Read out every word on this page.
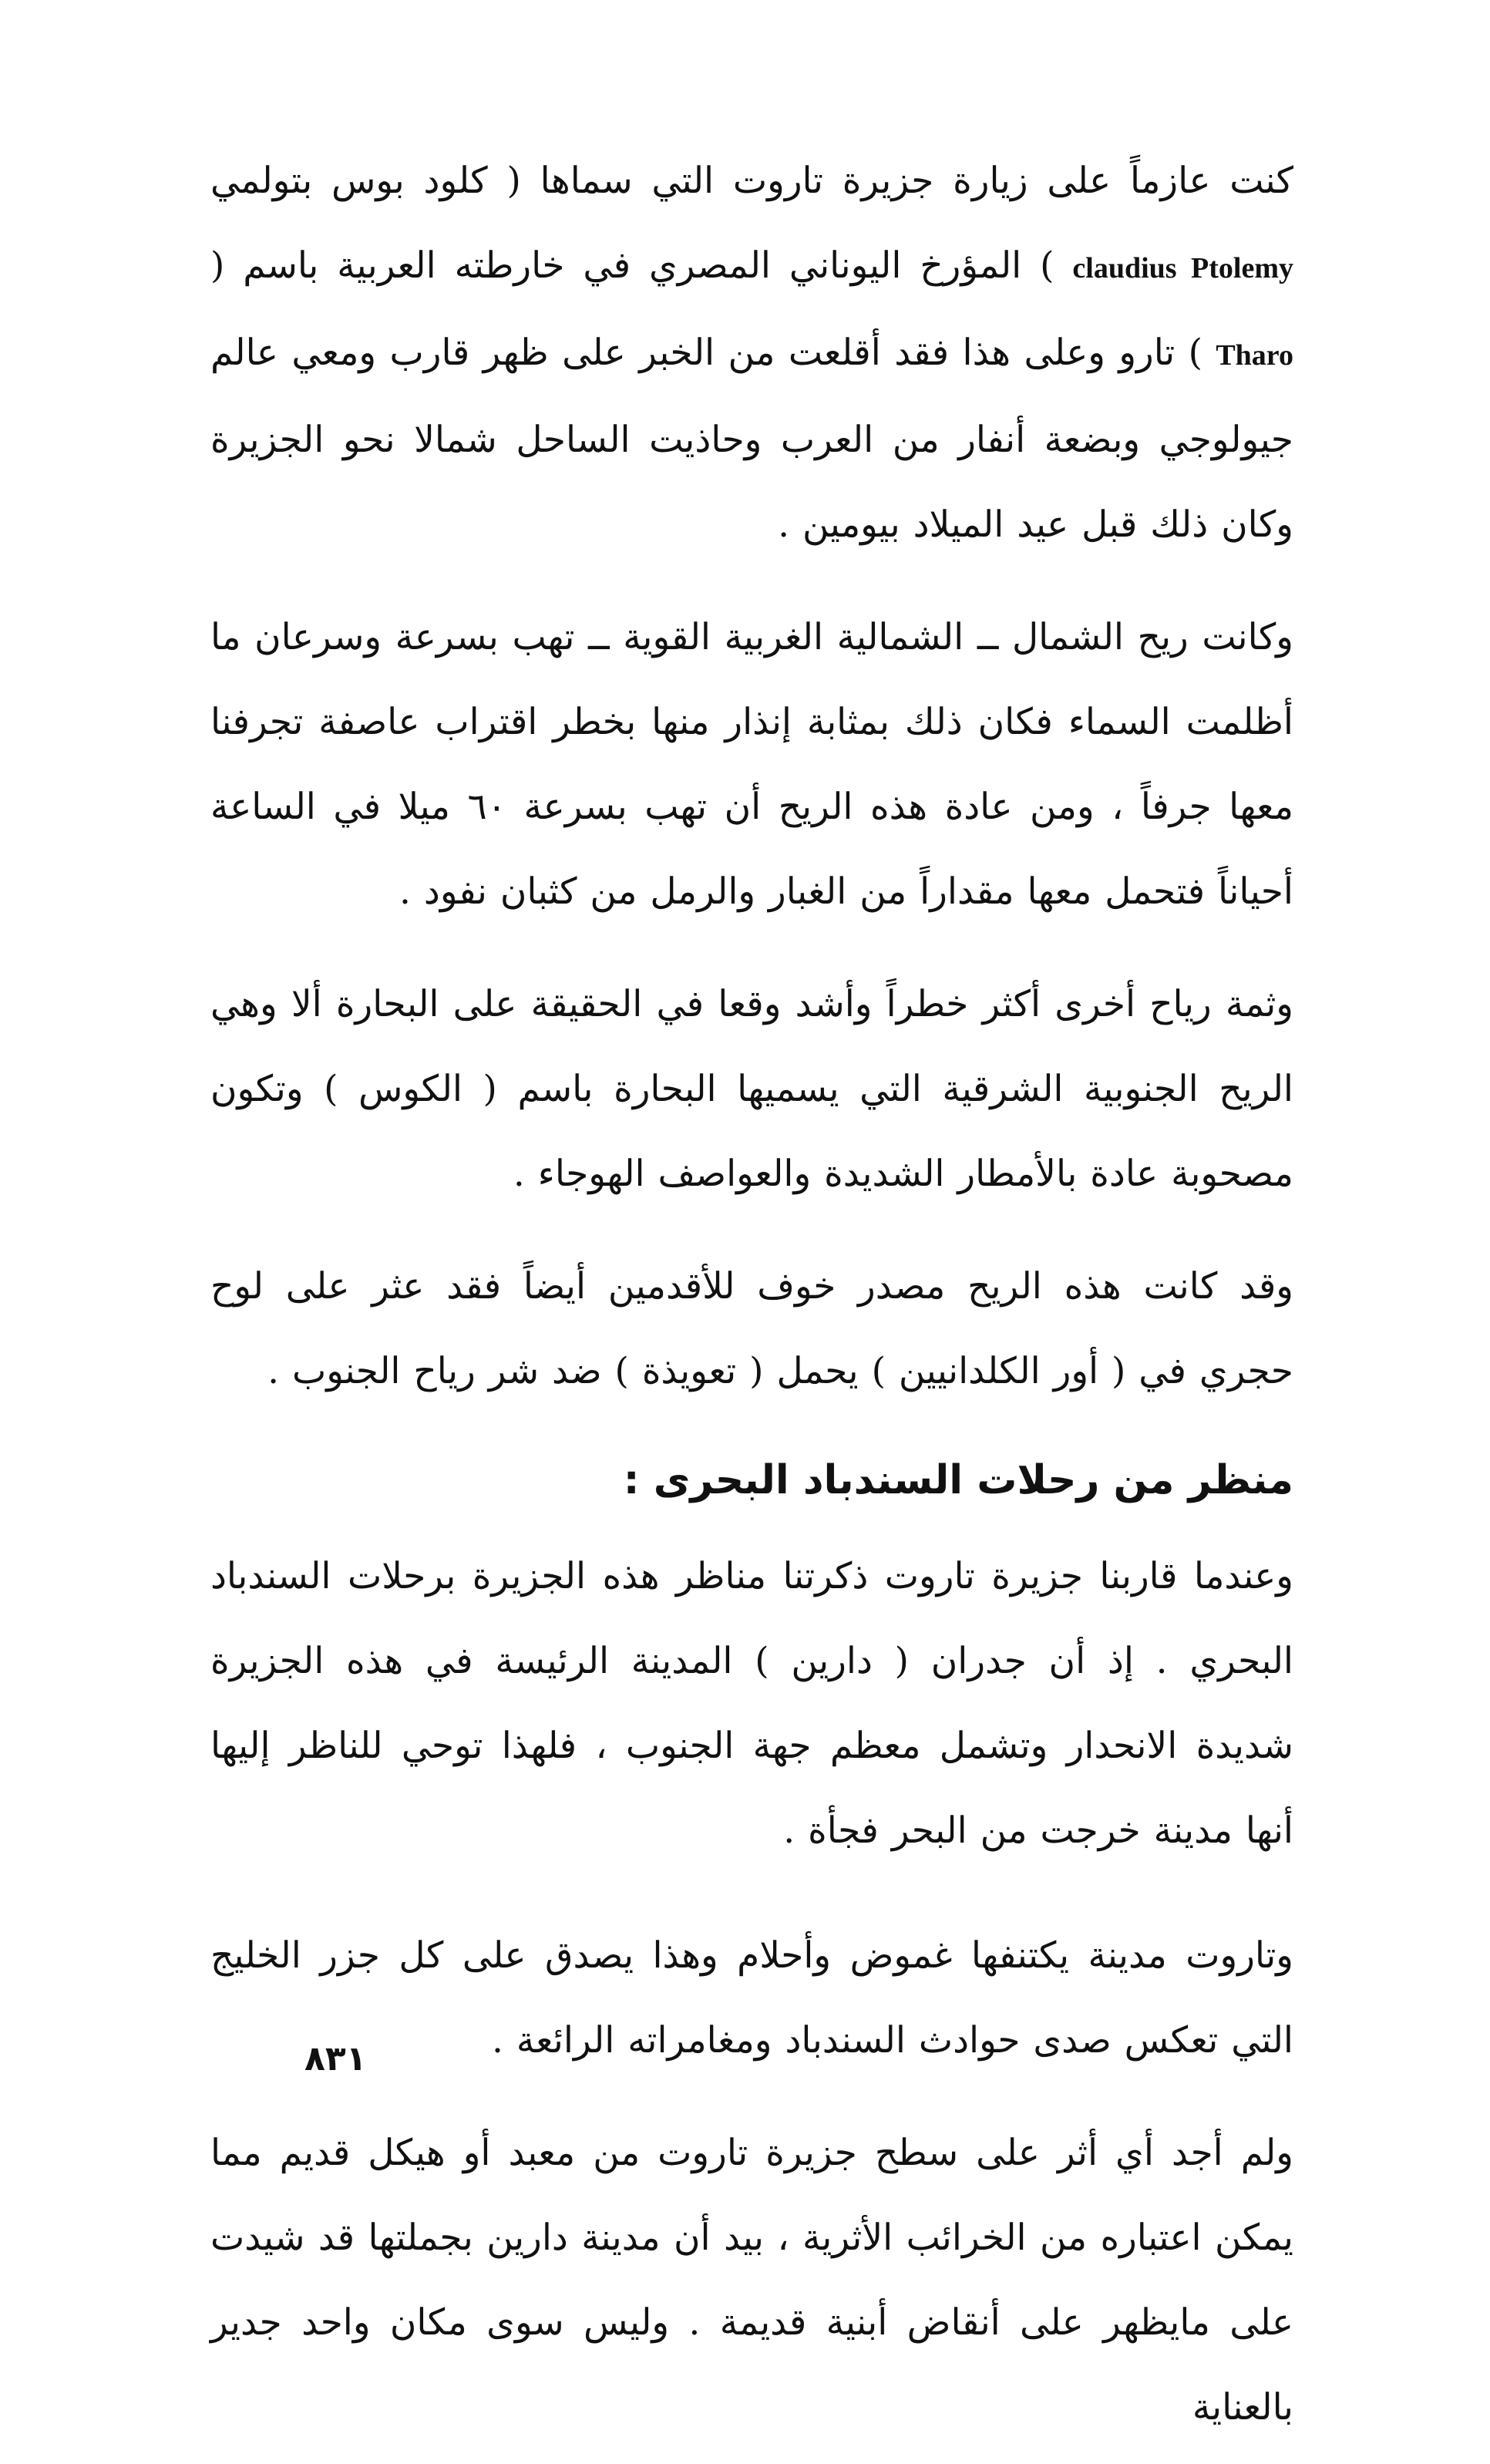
كنت عازماً على زيارة جزيرة تاروت التي سماها ( كلود بوس بتولمي claudius Ptolemy ) المؤرخ اليوناني المصري في خارطته العربية باسم ( Tharo ) تارو وعلى هذا فقد أقلعت من الخبر على ظهر قارب ومعي عالم جيولوجي وبضعة أنفار من العرب وحاذيت الساحل شمالا نحو الجزيرة وكان ذلك قبل عيد الميلاد بيومين .

وكانت ريح الشمال ــ الشمالية الغربية القوية ــ تهب بسرعة وسرعان ما أظلمت السماء فكان ذلك بمثابة إنذار منها بخطر اقتراب عاصفة تجرفنا معها جرفاً ، ومن عادة هذه الريح أن تهب بسرعة ٦٠ ميلا في الساعة أحياناً فتحمل معها مقداراً من الغبار والرمل من كثبان نفود .

وثمة رياح أخرى أكثر خطراً وأشد وقعا في الحقيقة على البحارة ألا وهي الريح الجنوبية الشرقية التي يسميها البحارة باسم ( الكوس ) وتكون مصحوبة عادة بالأمطار الشديدة والعواصف الهوجاء .

وقد كانت هذه الريح مصدر خوف للأقدمين أيضاً فقد عثر على لوح حجري في ( أور الكلدانيين ) يحمل ( تعويذة ) ضد شر رياح الجنوب .

منظر من رحلات السندباد البحرى :

وعندما قاربنا جزيرة تاروت ذكرتنا مناظر هذه الجزيرة برحلات السندباد البحري . إذ أن جدران ( دارين ) المدينة الرئيسة في هذه الجزيرة شديدة الانحدار وتشمل معظم جهة الجنوب ، فلهذا توحي للناظر إليها أنها مدينة خرجت من البحر فجأة .

وتاروت مدينة يكتنفها غموض وأحلام وهذا يصدق على كل جزر الخليج التي تعكس صدى حوادث السندباد ومغامراته الرائعة .

ولم أجد أي أثر على سطح جزيرة تاروت من معبد أو هيكل قديم مما يمكن اعتباره من الخرائب الأثرية ، بيد أن مدينة دارين بجملتها قد شيدت على مايظهر على أنقاض أبنية قديمة . وليس سوى مكان واحد جدير بالعناية

٨٣١
